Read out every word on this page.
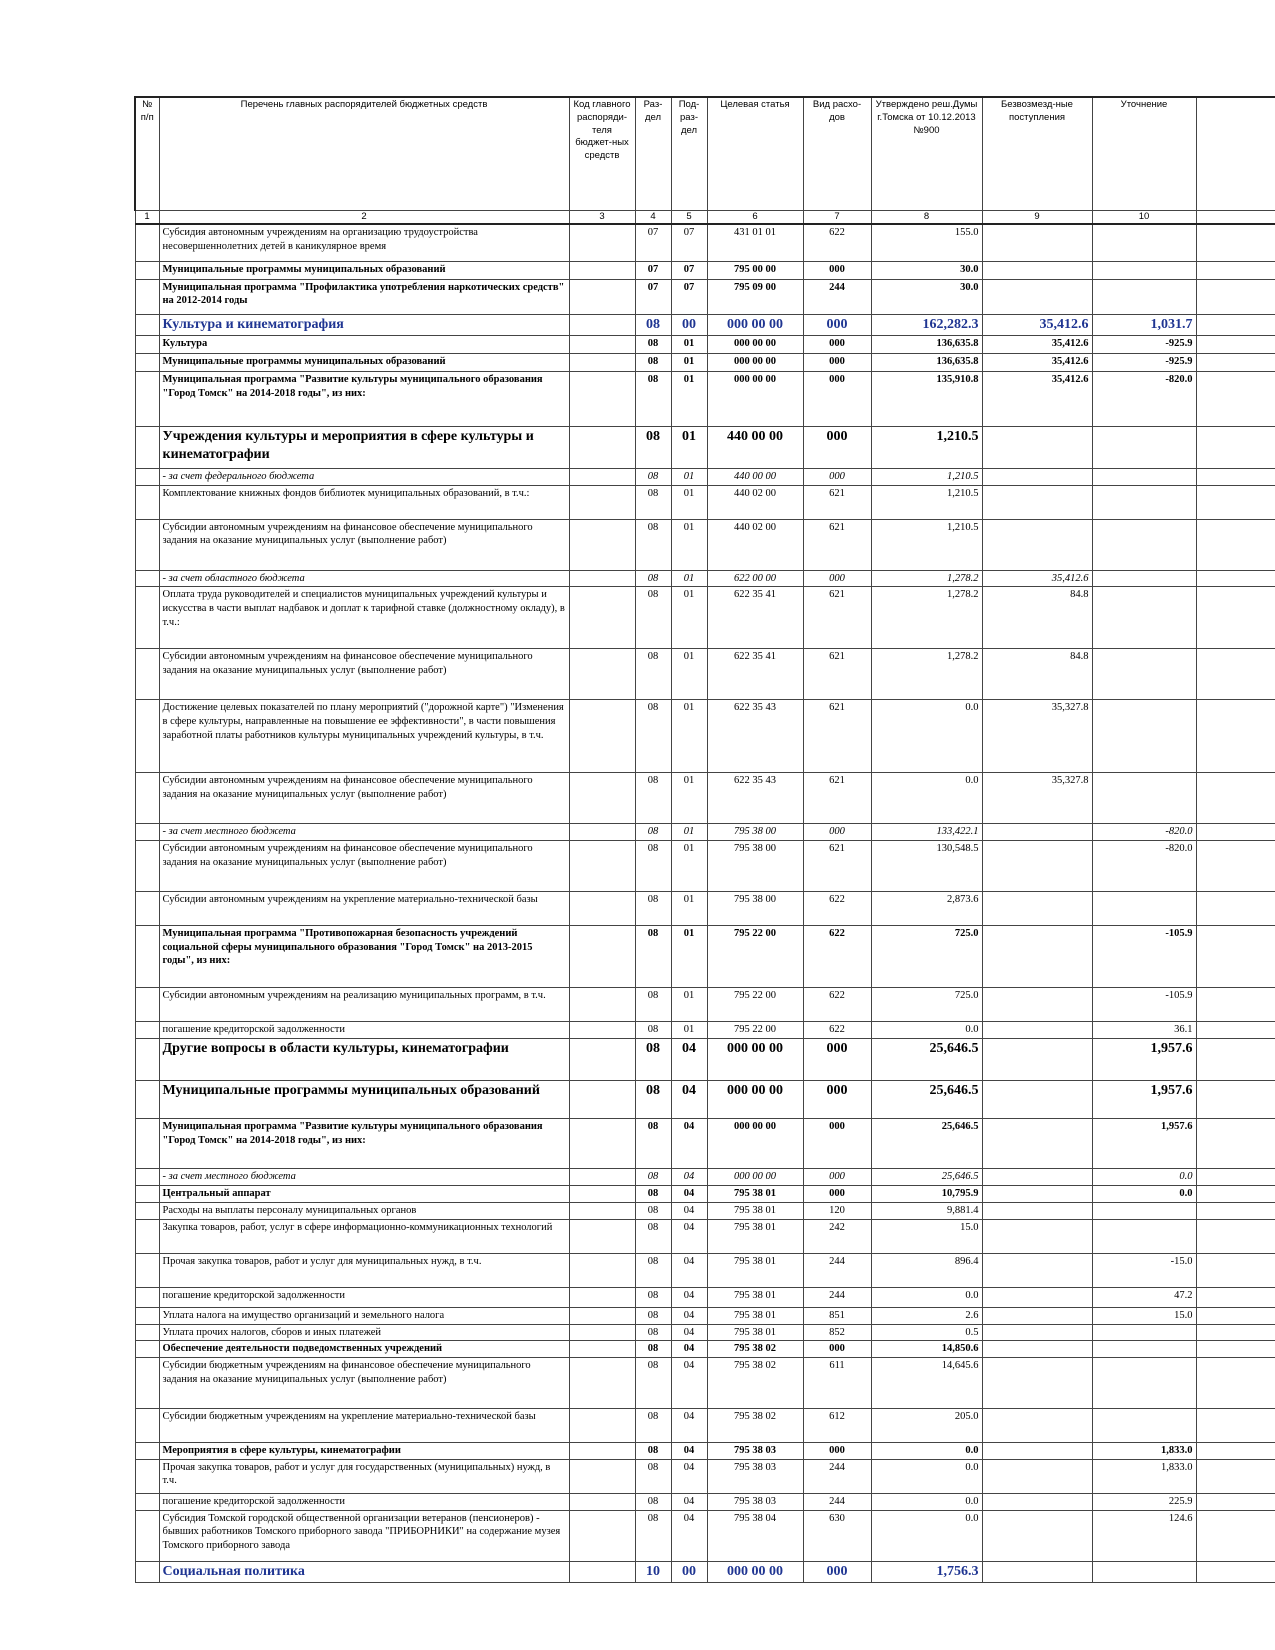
№ п/п	Перечень главных распорядителей бюджетных средств	Код главного распоряди-теля бюджет-ных средств	Раз-дел	Под-раз-дел	Целевая статья	Вид расхо-дов	Утверждено реш.Думы г.Томска от 10.12.2013 №900	Безвозмезд-ные поступления	Уточнение	
1	2	3	4	5	6	7	8	9	10	
	Субсидия автономным учреждениям на организацию трудоустройства несовершеннолетних детей в каникулярное время		07	07	431 01 01	622	155.0			
	Муниципальные программы муниципальных образований		07	07	795 00 00	000	30.0			
	Муниципальная программа "Профилактика употребления наркотических средств" на 2012-2014 годы		07	07	795 09 00	244	30.0			
	Культура и кинематография		08	00	000 00 00	000	162,282.3	35,412.6	1,031.7	
	Культура		08	01	000 00 00	000	136,635.8	35,412.6	-925.9	
	Муниципальные программы муниципальных образований		08	01	000 00 00	000	136,635.8	35,412.6	-925.9	
	Муниципальная программа "Развитие культуры муниципального образования "Город Томск" на 2014-2018 годы", из них:		08	01	000 00 00	000	135,910.8	35,412.6	-820.0	
	Учреждения культуры и мероприятия в сфере культуры и кинематографии		08	01	440 00 00	000	1,210.5			
	- за счет федерального бюджета		08	01	440 00 00	000	1,210.5			
	Комплектование книжных фондов библиотек муниципальных образований, в т.ч.:		08	01	440 02 00	621	1,210.5			
	Субсидии автономным учреждениям на финансовое обеспечение муниципального задания на оказание муниципальных услуг (выполнение работ)		08	01	440 02 00	621	1,210.5			
	- за счет областного бюджета		08	01	622 00 00	000	1,278.2	35,412.6		
	Оплата труда руководителей и специалистов муниципальных учреждений культуры и искусства в части выплат надбавок и доплат к тарифной ставке (должностному окладу), в т.ч.:		08	01	622 35 41	621	1,278.2	84.8		
	Субсидии автономным учреждениям на финансовое обеспечение муниципального задания на оказание муниципальных услуг (выполнение работ)		08	01	622 35 41	621	1,278.2	84.8		
	Достижение целевых показателей по плану мероприятий ("дорожной карте") "Изменения в сфере культуры, направленные на повышение ее эффективности", в части повышения заработной платы работников культуры муниципальных учреждений культуры, в т.ч.		08	01	622 35 43	621	0.0	35,327.8		
	Субсидии автономным учреждениям на финансовое обеспечение муниципального задания на оказание муниципальных услуг (выполнение работ)		08	01	622 35 43	621	0.0	35,327.8		
	- за счет местного бюджета		08	01	795 38 00	000	133,422.1		-820.0	
	Субсидии автономным учреждениям на финансовое обеспечение муниципального задания на оказание муниципальных услуг (выполнение работ)		08	01	795 38 00	621	130,548.5		-820.0	
	Субсидии автономным учреждениям на укрепление материально-технической базы		08	01	795 38 00	622	2,873.6			
	Муниципальная программа "Противопожарная безопасность учреждений социальной сферы муниципального образования "Город Томск" на 2013-2015 годы", из них:		08	01	795 22 00	622	725.0		-105.9	
	Субсидии автономным учреждениям на реализацию муниципальных программ, в т.ч.		08	01	795 22 00	622	725.0		-105.9	
	погашение кредиторской задолженности		08	01	795 22 00	622	0.0		36.1	
	Другие вопросы в области культуры, кинематографии		08	04	000 00 00	000	25,646.5		1,957.6	
	Муниципальные программы муниципальных образований		08	04	000 00 00	000	25,646.5		1,957.6	
	Муниципальная программа "Развитие культуры муниципального образования "Город Томск" на 2014-2018 годы", из них:		08	04	000 00 00	000	25,646.5		1,957.6	
	- за счет местного бюджета		08	04	000 00 00	000	25,646.5		0.0	
	Центральный аппарат		08	04	795 38 01	000	10,795.9		0.0	
	Расходы на выплаты персоналу муниципальных органов		08	04	795 38 01	120	9,881.4			
	Закупка товаров, работ, услуг в сфере информационно-коммуникационных технологий		08	04	795 38 01	242	15.0			
	Прочая закупка товаров, работ и услуг для муниципальных нужд, в т.ч.		08	04	795 38 01	244	896.4		-15.0	
	погашение кредиторской задолженности		08	04	795 38 01	244	0.0		47.2	
	Уплата налога на имущество организаций и земельного налога		08	04	795 38 01	851	2.6		15.0	
	Уплата прочих налогов, сборов и иных платежей		08	04	795 38 01	852	0.5			
	Обеспечение деятельности подведомственных учреждений		08	04	795 38 02	000	14,850.6			
	Субсидии бюджетным учреждениям на финансовое обеспечение муниципального задания на оказание муниципальных услуг (выполнение работ)		08	04	795 38 02	611	14,645.6			
	Субсидии бюджетным учреждениям на укрепление материально-технической базы		08	04	795 38 02	612	205.0			
	Мероприятия в сфере культуры, кинематографии		08	04	795 38 03	000	0.0		1,833.0	
	Прочая закупка товаров, работ и услуг для государственных (муниципальных) нужд, в т.ч.		08	04	795 38 03	244	0.0		1,833.0	
	погашение кредиторской задолженности		08	04	795 38 03	244	0.0		225.9	
	Субсидия Томской городской общественной организации ветеранов (пенсионеров) - бывших работников Томского приборного завода "ПРИБОРНИКИ" на содержание музея Томского приборного завода		08	04	795 38 04	630	0.0		124.6	
	Социальная политика		10	00	000 00 00	000	1,756.3			
